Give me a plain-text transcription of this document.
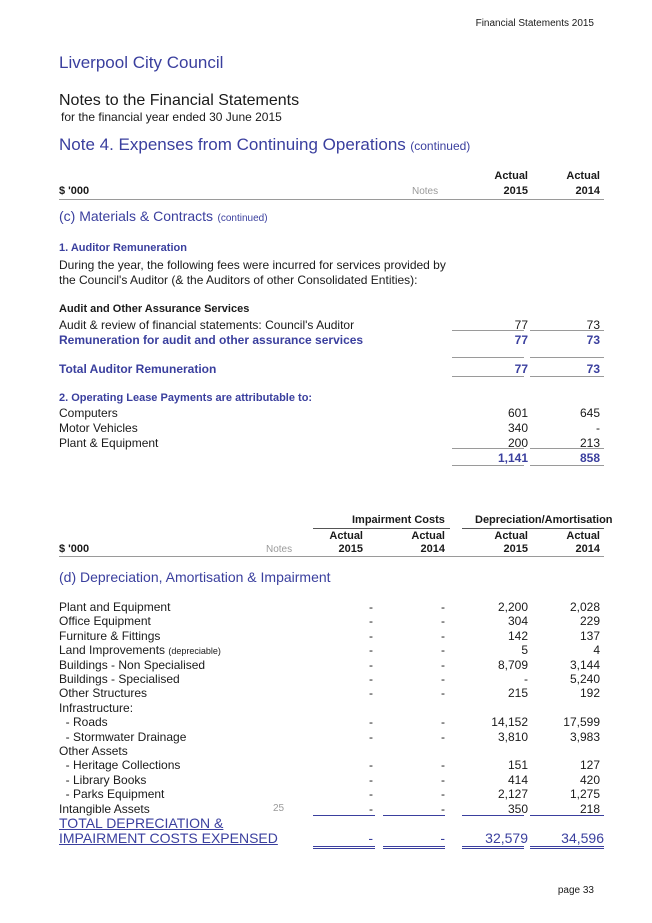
Financial Statements 2015
Liverpool City Council
Notes to the Financial Statements
for the financial year ended 30 June 2015
Note 4. Expenses from Continuing Operations (continued)
Actual	Actual
$ '000	Notes	2015	2014
(c) Materials & Contracts (continued)
1. Auditor Remuneration
During the year, the following fees were incurred for services provided by
the Council's Auditor (& the Auditors of other Consolidated Entities):
Audit and Other Assurance Services
Audit & review of financial statements: Council's Auditor	77	73
Remuneration for audit and other assurance services	77	73
Total Auditor Remuneration	77	73
2. Operating Lease Payments are attributable to:
Computers	601	645
Motor Vehicles	340	-
Plant & Equipment	200	213
1,141	858
Impairment Costs	Depreciation/Amortisation
Actual	Actual	Actual	Actual
$ '000	Notes	2015	2014	2015	2014
(d) Depreciation, Amortisation & Impairment
Plant and Equipment	-	-	2,200	2,028
Office Equipment	-	-	304	229
Furniture & Fittings	-	-	142	137
Land Improvements (depreciable)	-	-	5	4
Buildings - Non Specialised	-	-	8,709	3,144
Buildings - Specialised	-	-	-	5,240
Other Structures	-	-	215	192
Infrastructure:
- Roads	-	-	14,152	17,599
- Stormwater Drainage	-	-	3,810	3,983
Other Assets
- Heritage Collections	-	-	151	127
- Library Books	-	-	414	420
- Parks Equipment	-	-	2,127	1,275
Intangible Assets	25	-	-	350	218
TOTAL DEPRECIATION &
IMPAIRMENT COSTS EXPENSED	-	-	32,579 34,596
page 33
